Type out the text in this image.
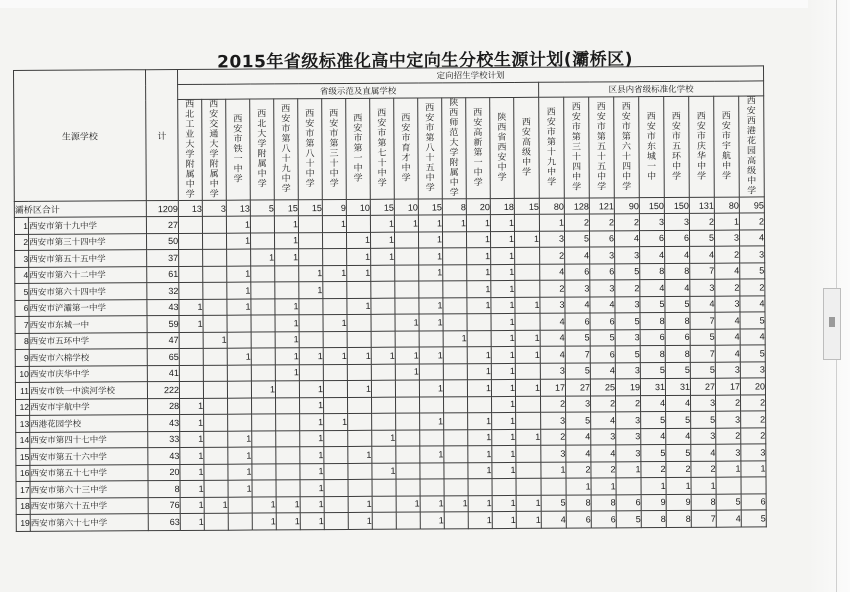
2015年省级标准化高中定向生分校生源计划(灞桥区)
生源学校		计	定向招生学校计划																							
			省级示范及直属学校															区县内省级标准化学校								

			西北工业大学附属中学	西安交通大学附属中学	西安市铁一中学	西北大学附属中学	西安市第八十九中学	西安市第八十中学	西安市第三十中学	西安市第一中学	西安市第七十中学	西安市育才中学	西安市第八十五中学	陕西师范大学附属中学	西安高新第一中学	陕西省西安中学	西安高级中学	西安市第十九中学	西安市第三十四中学	西安市第五十五中学	西安市第六十四中学	西安市东城一中	西安市五环中学	西安市庆华中学	西安市宇航中学	西安西港花园高级中学

灞桥区合计		1209	13	3	13	5	15	15	9	10	15	10	15	8	20	18	15	80	128	121	90	150	150	131	80	95
1	西安市第十九中学	27			1		1		1		1	1	1	1	1	1		1	2	2	2	3	3	2	1	2
2	西安市第三十四中学	50			1		1			1	1		1		1	1	1	3	5	6	4	6	6	5	3	4
3	西安市第五十五中学	37				1	1			1	1		1		1	1		2	4	3	3	4	4	4	2	3
4	西安市第六十二中学	61			1			1	1	1			1		1	1		4	6	6	5	8	8	7	4	5
5	西安市第六十四中学	32			1			1							1	1		2	3	3	2	4	4	3	2	2
6	西安市浐灞第一中学	43	1		1		1			1			1		1	1	1	3	4	4	3	5	5	4	3	4
7	西安市东城一中	59	1				1		1			1	1			1		4	6	6	5	8	8	7	4	5
8	西安市五环中学	47		1			1							1		1	1	4	5	5	3	6	6	5	4	4
9	西安市六棉学校	65			1		1	1	1	1	1	1	1		1	1	1	4	7	6	5	8	8	7	4	5
10	西安市庆华中学	41					1					1			1	1		3	5	4	3	5	5	5	3	3
11	西安市铁一中滨河学校	222				1		1		1			1		1	1	1	17	27	25	19	31	31	27	17	20
12	西安市宇航中学	28	1					1								1		2	3	2	2	4	4	3	2	2
13	西港花园学校	43	1					1	1				1		1	1		3	5	4	3	5	5	5	3	2
14	西安市第四十七中学	33	1		1			1			1				1	1	1	2	4	3	3	4	4	3	2	2
15	西安市第五十六中学	43	1		1			1		1			1		1	1		3	4	4	3	5	5	4	3	3
16	西安市第五十七中学	20	1		1			1			1				1	1		1	2	2	1	2	2	2	1	1
17	西安市第六十三中学	8	1		1			1											1	1		1	1	1		
18	西安市第六十五中学	76	1	1		1	1	1		1		1	1	1	1	1	1	5	8	8	6	9	9	8	5	6
19	西安市第六十七中学	63	1			1	1	1		1			1		1	1	1	4	6	6	5	8	8	7	4	5
